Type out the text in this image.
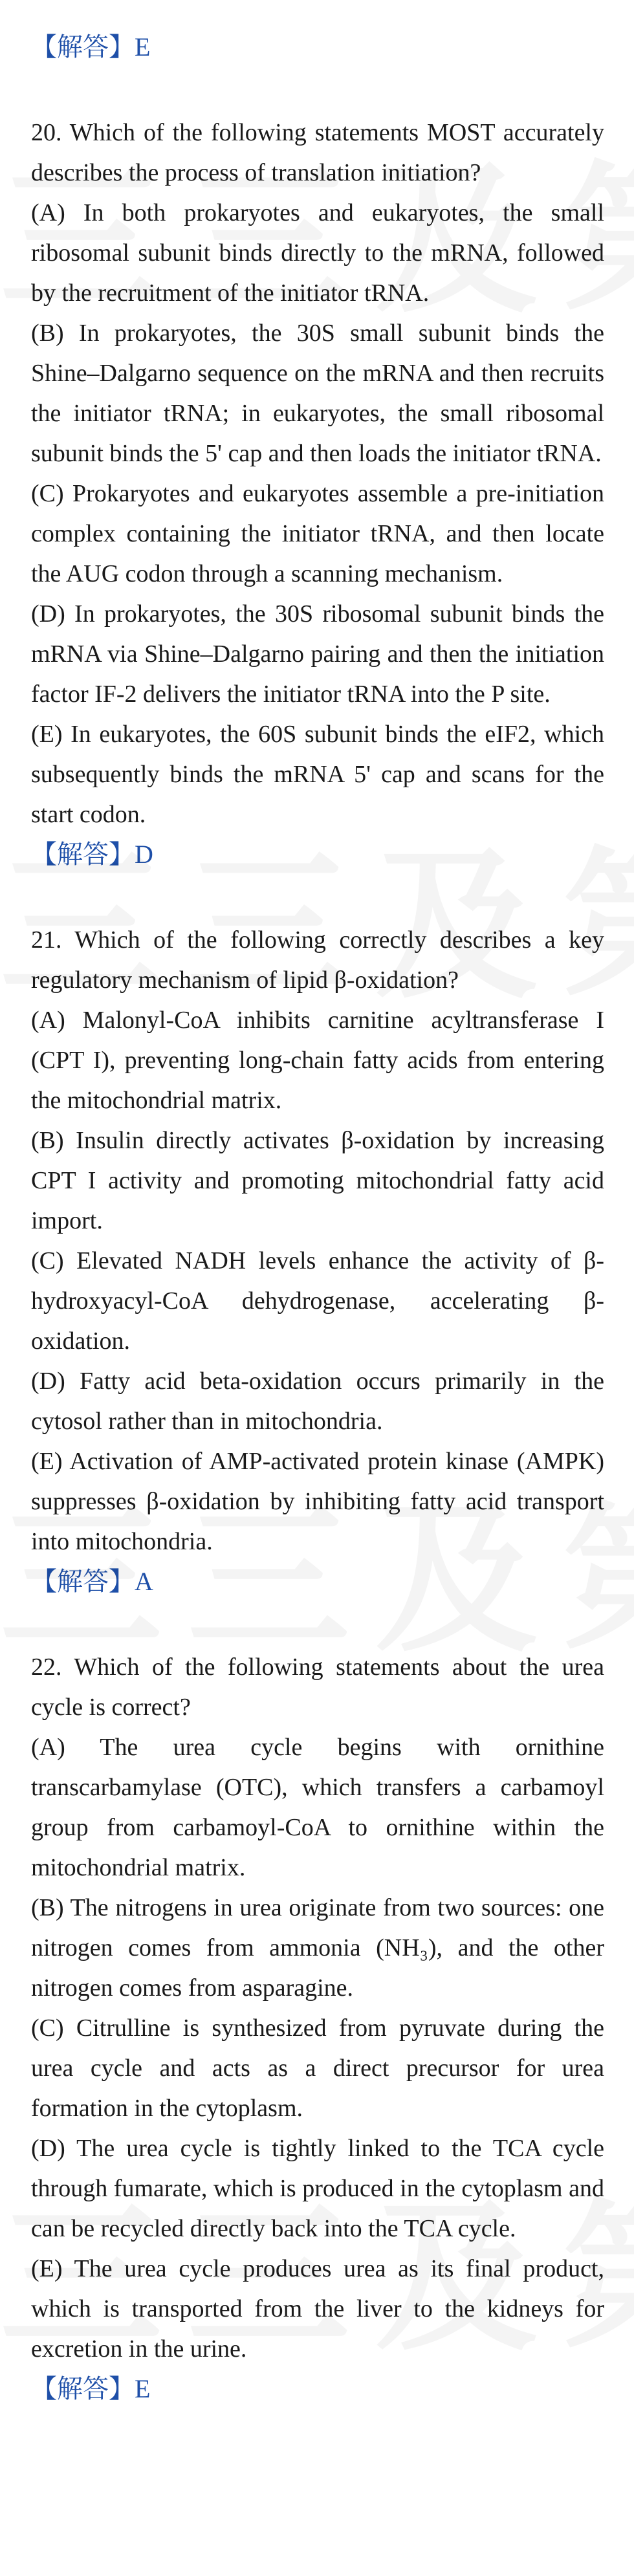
【解答】E

20. Which of the following statements MOST accurately describes the process of translation initiation?

(A) In both prokaryotes and eukaryotes, the small ribosomal subunit binds directly to the mRNA, followed by the recruitment of the initiator tRNA.

(B) In prokaryotes, the 30S small subunit binds the Shine–Dalgarno sequence on the mRNA and then recruits the initiator tRNA; in eukaryotes, the small ribosomal subunit binds the 5' cap and then loads the initiator tRNA.

(C) Prokaryotes and eukaryotes assemble a pre-initiation complex containing the initiator tRNA, and then locate the AUG codon through a scanning mechanism.

(D) In prokaryotes, the 30S ribosomal subunit binds the mRNA via Shine–Dalgarno pairing and then the initiation factor IF-2 delivers the initiator tRNA into the P site.

(E) In eukaryotes, the 60S subunit binds the eIF2, which subsequently binds the mRNA 5' cap and scans for the start codon.

【解答】D

21. Which of the following correctly describes a key regulatory mechanism of lipid β-oxidation?

(A) Malonyl-CoA inhibits carnitine acyltransferase I (CPT I), preventing long-chain fatty acids from entering the mitochondrial matrix.

(B) Insulin directly activates β-oxidation by increasing CPT I activity and promoting mitochondrial fatty acid import.

(C) Elevated NADH levels enhance the activity of β-hydroxyacyl-CoA dehydrogenase, accelerating β-oxidation.

(D) Fatty acid beta-oxidation occurs primarily in the cytosol rather than in mitochondria.

(E) Activation of AMP-activated protein kinase (AMPK) suppresses β-oxidation by inhibiting fatty acid transport into mitochondria.

【解答】A

22. Which of the following statements about the urea cycle is correct?

(A) The urea cycle begins with ornithine transcarbamylase (OTC), which transfers a carbamoyl group from carbamoyl-CoA to ornithine within the mitochondrial matrix.

(B) The nitrogens in urea originate from two sources: one nitrogen comes from ammonia (NH₃), and the other nitrogen comes from asparagine.

(C) Citrulline is synthesized from pyruvate during the urea cycle and acts as a direct precursor for urea formation in the cytoplasm.

(D) The urea cycle is tightly linked to the TCA cycle through fumarate, which is produced in the cytoplasm and can be recycled directly back into the TCA cycle.

(E) The urea cycle produces urea as its final product, which is transported from the liver to the kidneys for excretion in the urine.

【解答】E
